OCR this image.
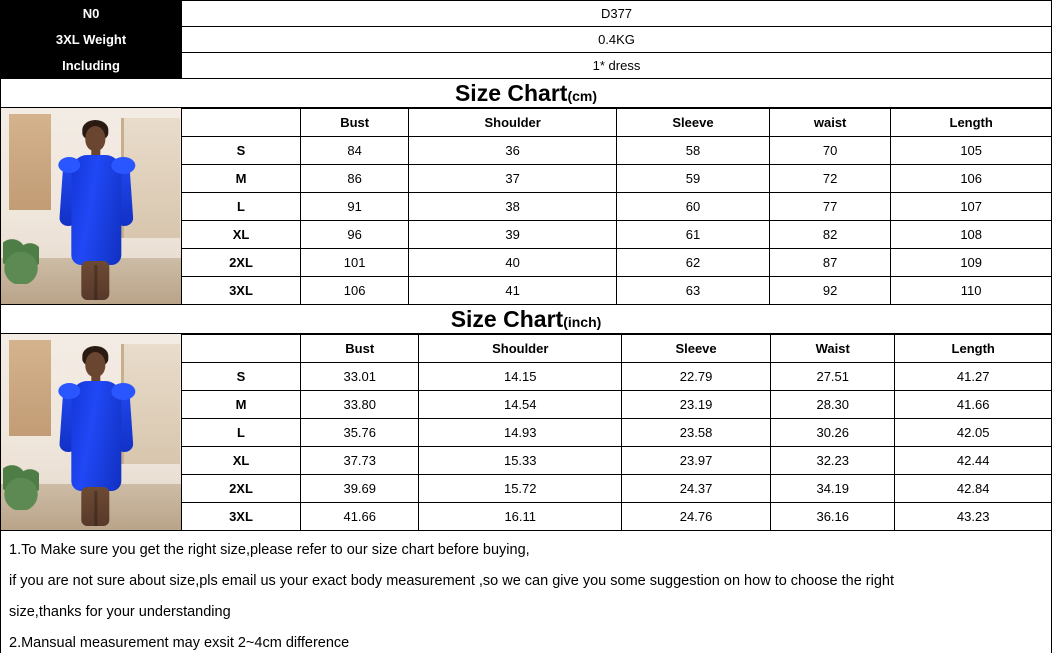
N0	D377
3XL Weight	0.4KG
Including	1* dress
Size Chart(cm)
	Bust	Shoulder	Sleeve	waist	Length
S	84	36	58	70	105
M	86	37	59	72	106
L	91	38	60	77	107
XL	96	39	61	82	108
2XL	101	40	62	87	109
3XL	106	41	63	92	110
Size Chart(inch)
	Bust	Shoulder	Sleeve	Waist	Length
S	33.01	14.15	22.79	27.51	41.27
M	33.80	14.54	23.19	28.30	41.66
L	35.76	14.93	23.58	30.26	42.05
XL	37.73	15.33	23.97	32.23	42.44
2XL	39.69	15.72	24.37	34.19	42.84
3XL	41.66	16.11	24.76	36.16	43.23

1.To Make sure you get the right size,please refer to our size chart before buying,

if you are not sure about size,pls email us your exact body measurement ,so we can give you some suggestion on how to choose the right

size,thanks for your understanding

2.Mansual measurement may exsit 2~4cm difference
